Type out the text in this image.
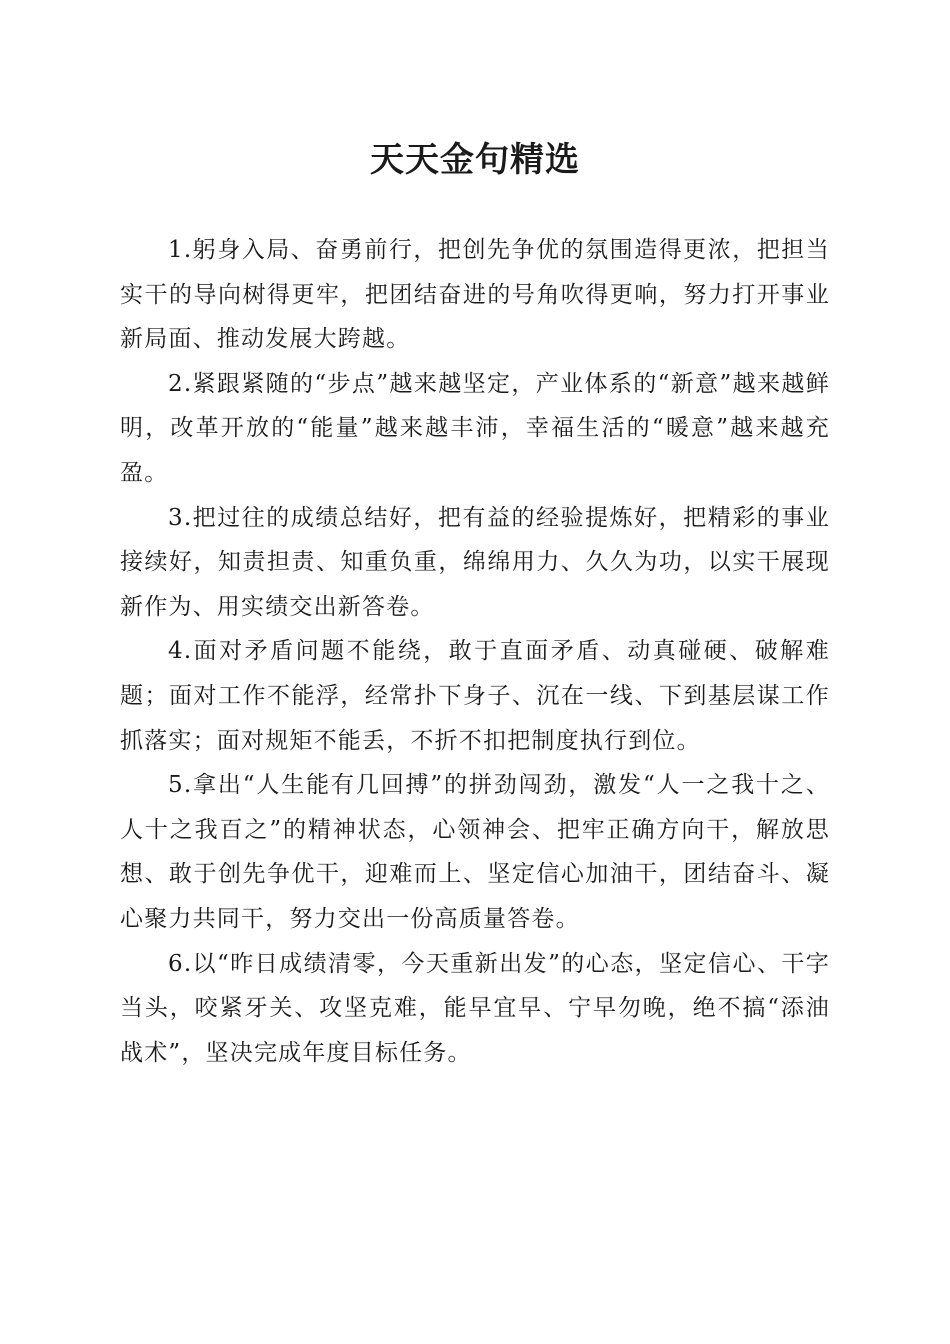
天天金句精选

1.躬身入局、奋勇前行，把创先争优的氛围造得更浓，把担当实干的导向树得更牢，把团结奋进的号角吹得更响，努力打开事业新局面、推动发展大跨越。

2.紧跟紧随的“步点”越来越坚定，产业体系的“新意”越来越鲜明，改革开放的“能量”越来越丰沛，幸福生活的“暖意”越来越充盈。

3.把过往的成绩总结好，把有益的经验提炼好，把精彩的事业接续好，知责担责、知重负重，绵绵用力、久久为功，以实干展现新作为、用实绩交出新答卷。

4.面对矛盾问题不能绕，敢于直面矛盾、动真碰硬、破解难题；面对工作不能浮，经常扑下身子、沉在一线、下到基层谋工作抓落实；面对规矩不能丢，不折不扣把制度执行到位。

5.拿出“人生能有几回搏”的拼劲闯劲，激发“人一之我十之、人十之我百之”的精神状态，心领神会、把牢正确方向干，解放思想、敢于创先争优干，迎难而上、坚定信心加油干，团结奋斗、凝心聚力共同干，努力交出一份高质量答卷。

6.以“昨日成绩清零，今天重新出发”的心态，坚定信心、干字当头，咬紧牙关、攻坚克难，能早宜早、宁早勿晚，绝不搞“添油战术”，坚决完成年度目标任务。
